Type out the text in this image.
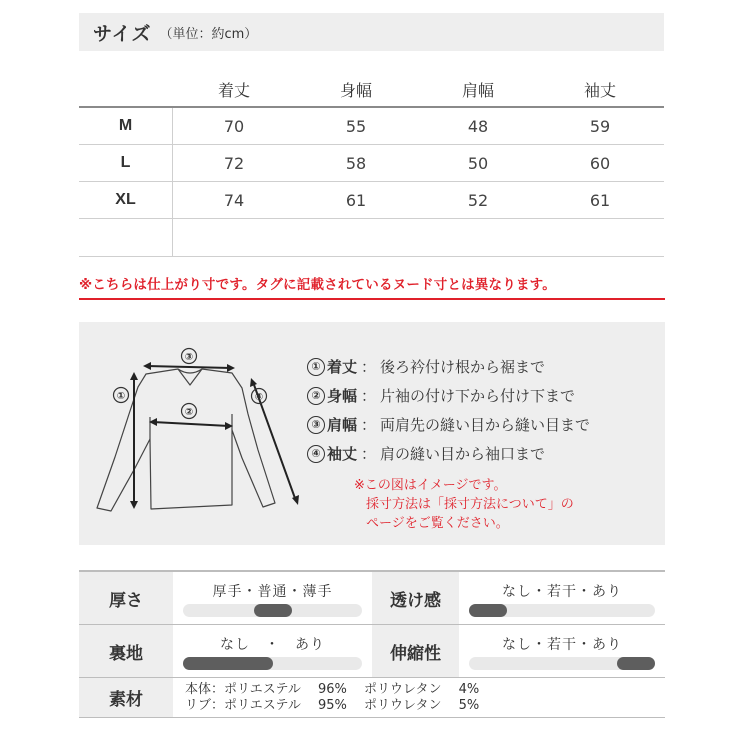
サイズ （単位：約cm）
着丈	身幅	肩幅	袖丈
M	70	55	48	59
L	72	58	50	60
XL	74	61	52	61
※こちらは仕上がり寸です。タグに記載されているヌード寸とは異なります。
①
②
③
④
① 着丈 ： 後ろ衿付け根から裾まで
② 身幅 ： 片袖の付け下から付け下まで
③ 肩幅 ： 両肩先の縫い目から縫い目まで
④ 袖丈 ： 肩の縫い目から袖口まで
※この図はイメージです。
採寸方法は「採寸方法について」の
ページをご覧ください。
厚さ	厚手・普通・薄手	透け感	なし・若干・あり
裏地	なし　・　あり	伸縮性	なし・若干・あり
素材
本体：ポリエステル　 96%　 ポリウレタン　 4%
リブ：ポリエステル　 95%　 ポリウレタン　 5%
